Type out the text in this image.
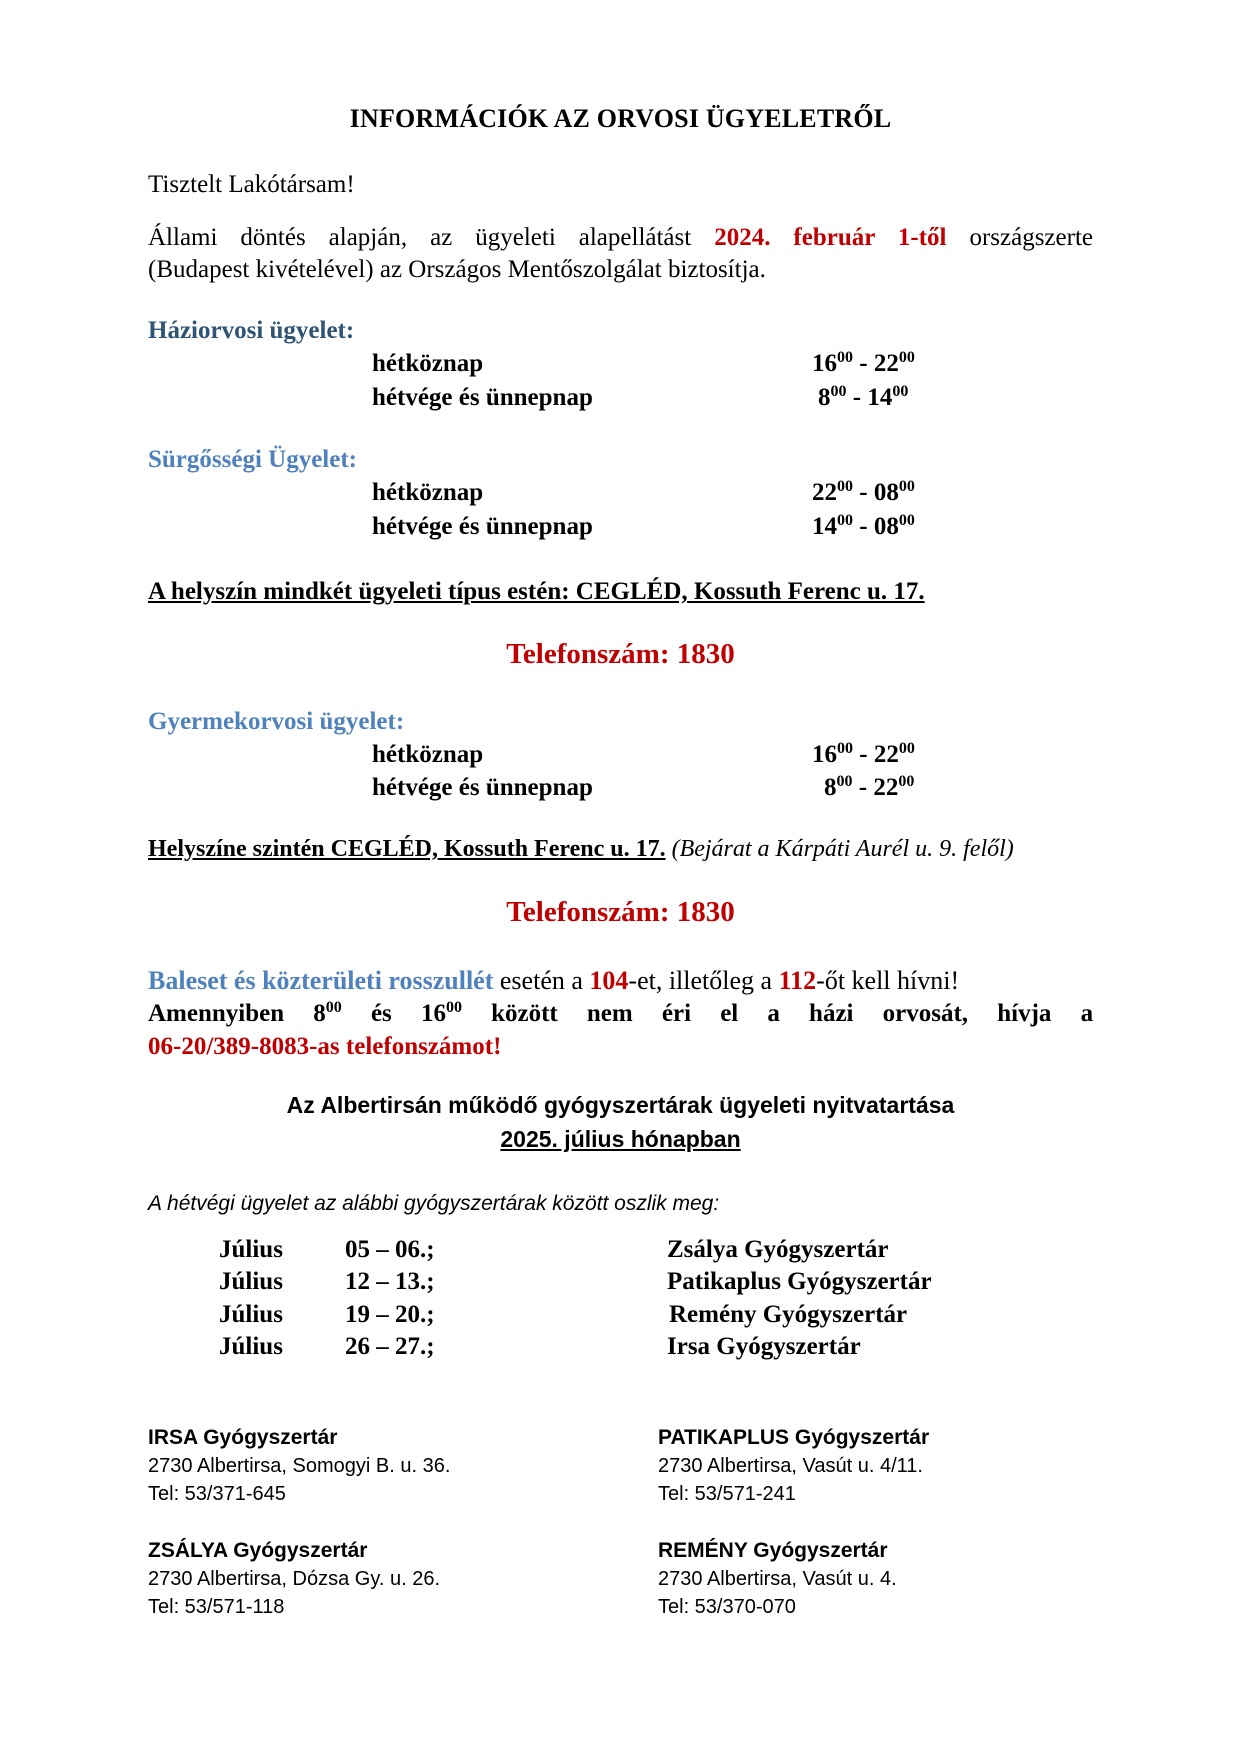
INFORMÁCIÓK AZ ORVOSI ÜGYELETRŐL
Tisztelt Lakótársam!
Állami döntés alapján, az ügyeleti alapellátást 2024. február 1-től országszerte
(Budapest kivételével) az Országos Mentőszolgálat biztosítja.
Háziorvosi ügyelet:
hétköznap	$16^{00} - 22^{00}$
hétvége és ünnepnap	$8^{00} - 14^{00}$
Sürgősségi Ügyelet:
hétköznap	$22^{00} - 08^{00}$
hétvége és ünnepnap	$14^{00} - 08^{00}$
A helyszín mindkét ügyeleti típus estén: CEGLÉD, Kossuth Ferenc u. 17.
Telefonszám: 1830
Gyermekorvosi ügyelet:
hétköznap	$16^{00} - 22^{00}$
hétvége és ünnepnap	$8^{00} - 22^{00}$
Helyszíne szintén CEGLÉD, Kossuth Ferenc u. 17. (Bejárat a Kárpáti Aurél u. 9. felől)
Telefonszám: 1830
Baleset és közterületi rosszullét esetén a 104-et, illetőleg a 112-őt kell hívni!
Amennyiben $8^{00}$ és $16^{00}$ között nem éri el a házi orvosát, hívja a
06-20/389-8083-as telefonszámot!
Az Albertirsán működő gyógyszertárak ügyeleti nyitvatartása
2025. július hónapban
A hétvégi ügyelet az alábbi gyógyszertárak között oszlik meg:
Július 05 – 06.;	Zsálya Gyógyszertár
Július 12 – 13.;	Patikaplus Gyógyszertár
Július 19 – 20.;	Remény Gyógyszertár
Július 26 – 27.;	Irsa Gyógyszertár
IRSA Gyógyszertár
2730 Albertirsa, Somogyi B. u. 36.
Tel: 53/371-645
PATIKAPLUS Gyógyszertár
2730 Albertirsa, Vasút u. 4/11.
Tel: 53/571-241
ZSÁLYA Gyógyszertár
2730 Albertirsa, Dózsa Gy. u. 26.
Tel: 53/571-118
REMÉNY Gyógyszertár
2730 Albertirsa, Vasút u. 4.
Tel: 53/370-070
